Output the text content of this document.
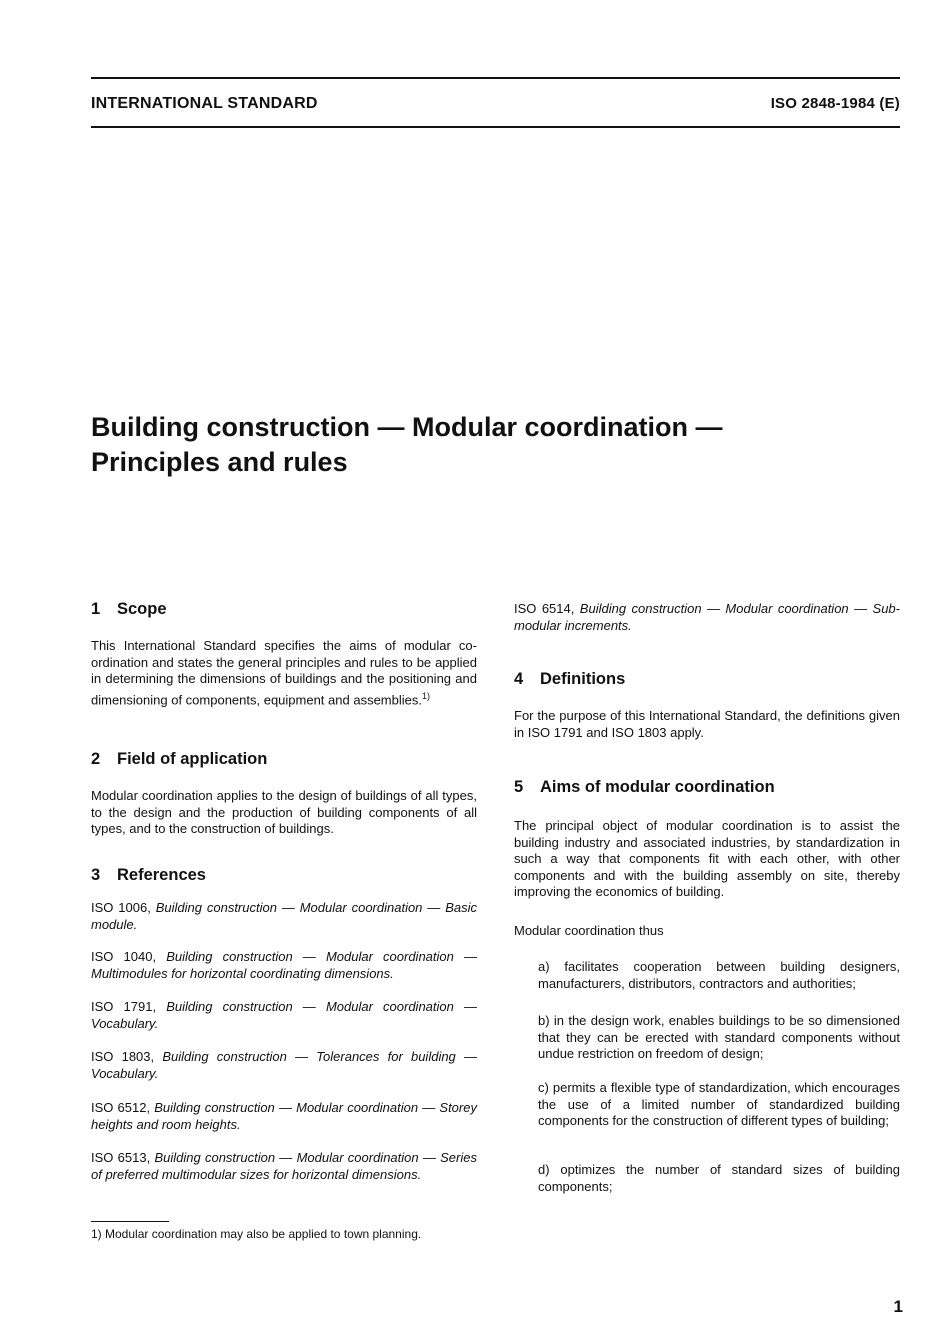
INTERNATIONAL STANDARD	ISO 2848-1984 (E)
Building construction — Modular coordination —
Principles and rules
1 Scope

This International Standard specifies the aims of modular co-ordination and states the general principles and rules to be applied in determining the dimensions of buildings and the positioning and dimensioning of components, equipment and assemblies.$^{1)}$

2 Field of application

Modular coordination applies to the design of buildings of all types, to the design and the production of building components of all types, and to the construction of buildings.

3 References
ISO 1006, Building construction — Modular coordination — Basic module.
ISO 1040, Building construction — Modular coordination — Multimodules for horizontal coordinating dimensions.
ISO 1791, Building construction — Modular coordination — Vocabulary.
ISO 1803, Building construction — Tolerances for building — Vocabulary.
ISO 6512, Building construction — Modular coordination — Storey heights and room heights.
ISO 6513, Building construction — Modular coordination — Series of preferred multimodular sizes for horizontal dimensions.
ISO 6514, Building construction — Modular coordination — Sub-modular increments.
4 Definitions

For the purpose of this International Standard, the definitions given in ISO 1791 and ISO 1803 apply.

5 Aims of modular coordination

The principal object of modular coordination is to assist the building industry and associated industries, by standardization in such a way that components fit with each other, with other components and with the building assembly on site, thereby improving the economics of building.

Modular coordination thus

a) facilitates cooperation between building designers, manufacturers, distributors, contractors and authorities;
b) in the design work, enables buildings to be so dimensioned that they can be erected with standard components without undue restriction on freedom of design;
c) permits a flexible type of standardization, which encourages the use of a limited number of standardized building components for the construction of different types of building;
d) optimizes the number of standard sizes of building components;
1) Modular coordination may also be applied to town planning.
1
